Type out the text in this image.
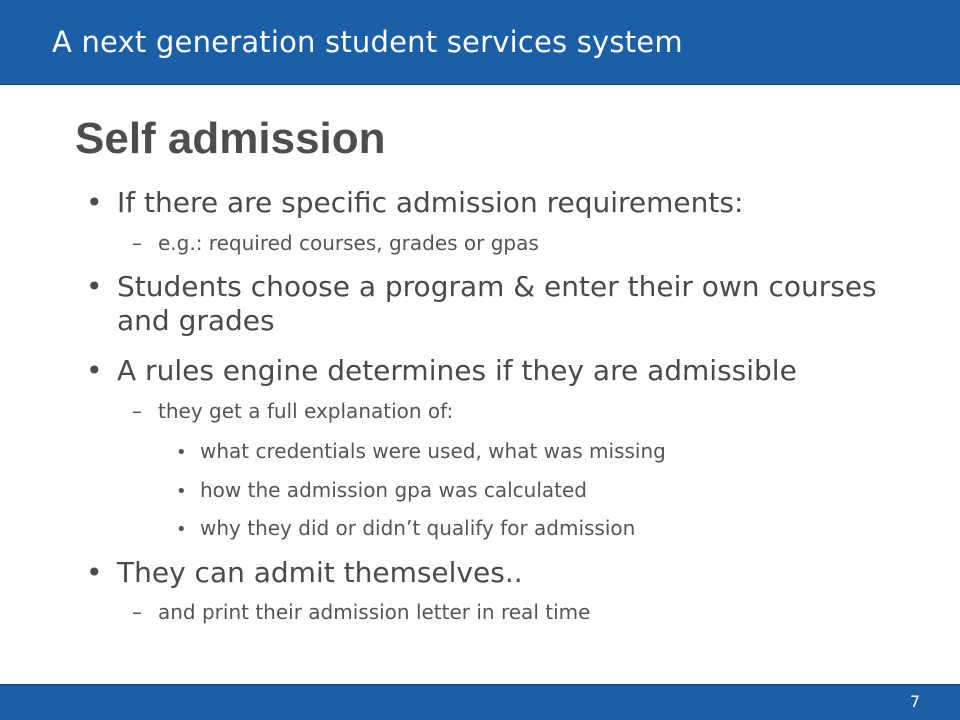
A next generation student services system
Self admission
• If there are specific admission requirements:
– e.g.: required courses, grades or gpas
• Students choose a program & enter their own courses and grades
• A rules engine determines if they are admissible
– they get a full explanation of:
• what credentials were used, what was missing
• how the admission gpa was calculated
• why they did or didn’t qualify for admission
• They can admit themselves..
– and print their admission letter in real time
7
